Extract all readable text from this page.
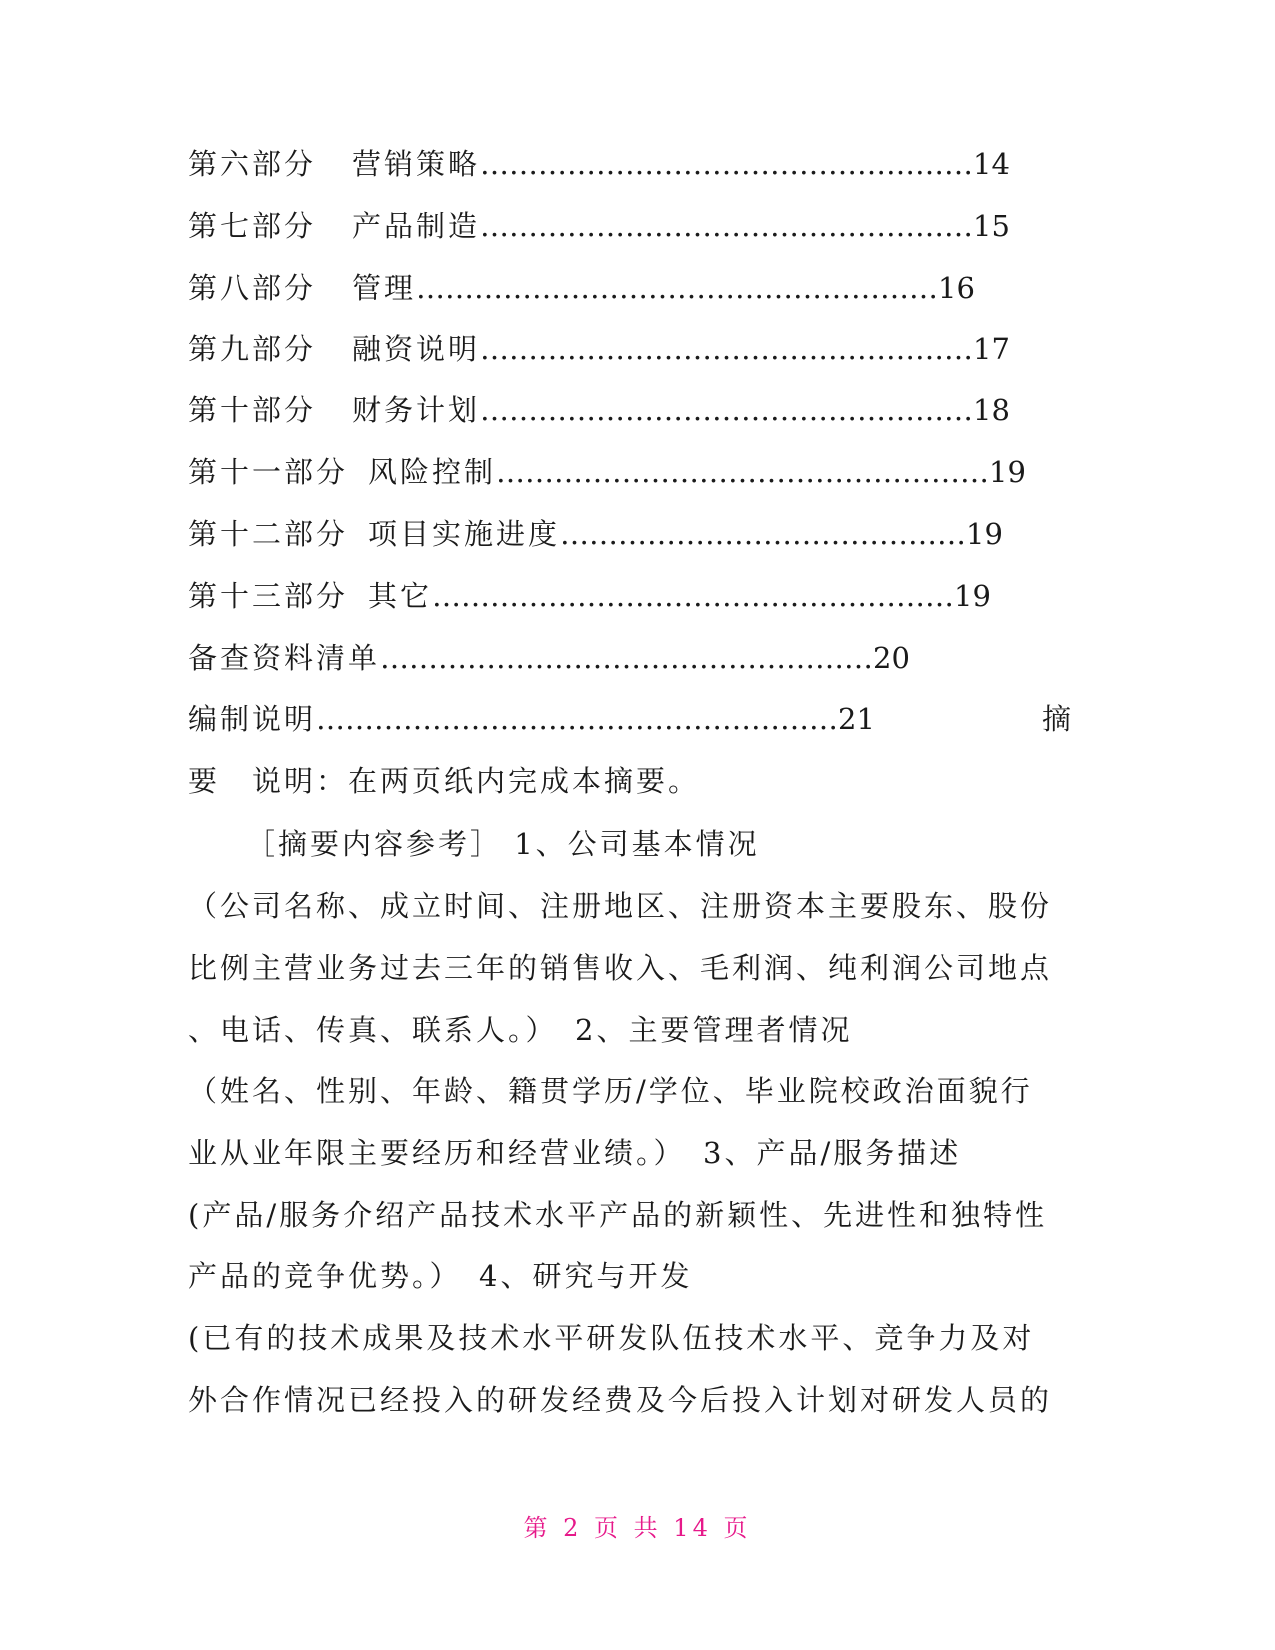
第六部分 营销策略……………………………………………14
第七部分 产品制造……………………………………………15
第八部分 管理………………………………………………16
第九部分 融资说明……………………………………………17
第十部分 财务计划……………………………………………18
第十一部分 风险控制……………………………………………19
第十二部分 项目实施进度……………………………………19
第十三部分 其它………………………………………………19
备查资料清单……………………………………………20
编制说明………………………………………………21	摘
要　说明：在两页纸内完成本摘要。
［摘要内容参考］ 1、公司基本情况
（公司名称、成立时间、注册地区、注册资本主要股东、股份
比例主营业务过去三年的销售收入、毛利润、纯利润公司地点
、电话、传真、联系人。）　2、主要管理者情况
（姓名、性别、年龄、籍贯学历/学位、毕业院校政治面貌行
业从业年限主要经历和经营业绩。）　3、产品/服务描述
(产品/服务介绍产品技术水平产品的新颖性、先进性和独特性
产品的竞争优势。）　4、研究与开发
(已有的技术成果及技术水平研发队伍技术水平、竞争力及对
外合作情况已经投入的研发经费及今后投入计划对研发人员的
第 2 页 共 14 页
